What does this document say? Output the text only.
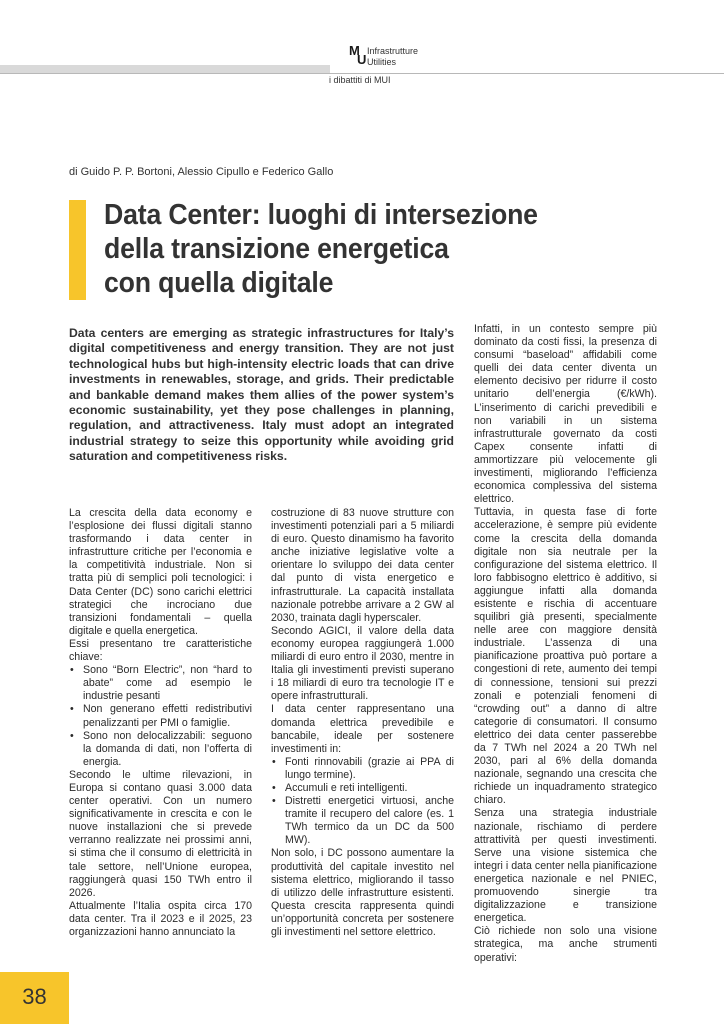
M
U
Infrastrutture
Utilities
i dibattiti di MUI
di Guido P. P. Bortoni, Alessio Cipullo e Federico Gallo
Data Center: luoghi di intersezione
della transizione energetica
con quella digitale

Data centers are emerging as strategic infrastructures for Italy’s digital competitiveness and energy transition. They are not just technological hubs but high-intensity electric loads that can drive investments in renewables, storage, and grids. Their predictable and bankable demand makes them allies of the power system’s economic sustainability, yet they pose challenges in planning, regulation, and attractiveness. Italy must adopt an integrated industrial strategy to seize this opportunity while avoiding grid saturation and competitiveness risks.

La crescita della data economy e l’esplosione dei flussi digitali stanno trasformando i data center in infrastrutture critiche per l’economia e la competitività industriale. Non si tratta più di semplici poli tecnologici: i Data Center (DC) sono carichi elettrici strategici che incrociano due transizioni fondamentali – quella digitale e quella energetica.

Essi presentano tre caratteristiche chiave:

• Sono “Born Electric”, non “hard to abate” come ad esempio le industrie pesanti
• Non generano effetti redistributivi penalizzanti per PMI o famiglie.
• Sono non delocalizzabili: seguono la domanda di dati, non l’offerta di energia.

Secondo le ultime rilevazioni, in Europa si contano quasi 3.000 data center operativi. Con un numero significativamente in crescita e con le nuove installazioni che si prevede verranno realizzate nei prossimi anni, si stima che il consumo di elettricità in tale settore, nell’Unione europea, raggiungerà quasi 150 TWh entro il 2026.

Attualmente l’Italia ospita circa 170 data center. Tra il 2023 e il 2025, 23 organizzazioni hanno annunciato la

costruzione di 83 nuove strutture con investimenti potenziali pari a 5 miliardi di euro. Questo dinamismo ha favorito anche iniziative legislative volte a orientare lo sviluppo dei data center dal punto di vista energetico e infrastrutturale. La capacità installata nazionale potrebbe arrivare a 2 GW al 2030, trainata dagli hyperscaler.

Secondo AGICI, il valore della data economy europea raggiungerà 1.000 miliardi di euro entro il 2030, mentre in Italia gli investimenti previsti superano i 18 miliardi di euro tra tecnologie IT e opere infrastrutturali.

I data center rappresentano una domanda elettrica prevedibile e bancabile, ideale per sostenere investimenti in:

• Fonti rinnovabili (grazie ai PPA di lungo termine).
• Accumuli e reti intelligenti.
• Distretti energetici virtuosi, anche tramite il recupero del calore (es. 1 TWh termico da un DC da 500 MW).

Non solo, i DC possono aumentare la produttività del capitale investito nel sistema elettrico, migliorando il tasso di utilizzo delle infrastrutture esistenti. Questa crescita rappresenta quindi un’opportunità concreta per sostenere gli investimenti nel settore elettrico.

Infatti, in un contesto sempre più dominato da costi fissi, la presenza di consumi “baseload” affidabili come quelli dei data center diventa un elemento decisivo per ridurre il costo unitario dell’energia (€/kWh). L’inserimento di carichi prevedibili e non variabili in un sistema infrastrutturale governato da costi Capex consente infatti di ammortizzare più velocemente gli investimenti, migliorando l’efficienza economica complessiva del sistema elettrico.

Tuttavia, in questa fase di forte accelerazione, è sempre più evidente come la crescita della domanda digitale non sia neutrale per la configurazione del sistema elettrico. Il loro fabbisogno elettrico è additivo, si aggiungue infatti alla domanda esistente e rischia di accentuare squilibri già presenti, specialmente nelle aree con maggiore densità industriale. L’assenza di una pianificazione proattiva può portare a congestioni di rete, aumento dei tempi di connessione, tensioni sui prezzi zonali e potenziali fenomeni di “crowding out” a danno di altre categorie di consumatori. Il consumo elettrico dei data center passerebbe da 7 TWh nel 2024 a 20 TWh nel 2030, pari al 6% della domanda nazionale, segnando una crescita che richiede un inquadramento strategico chiaro.

Senza una strategia industriale nazionale, rischiamo di perdere attrattività per questi investimenti. Serve una visione sistemica che integri i data center nella pianificazione energetica nazionale e nel PNIEC, promuovendo sinergie tra digitalizzazione e transizione energetica.

Ciò richiede non solo una visione strategica, ma anche strumenti operativi:

38
